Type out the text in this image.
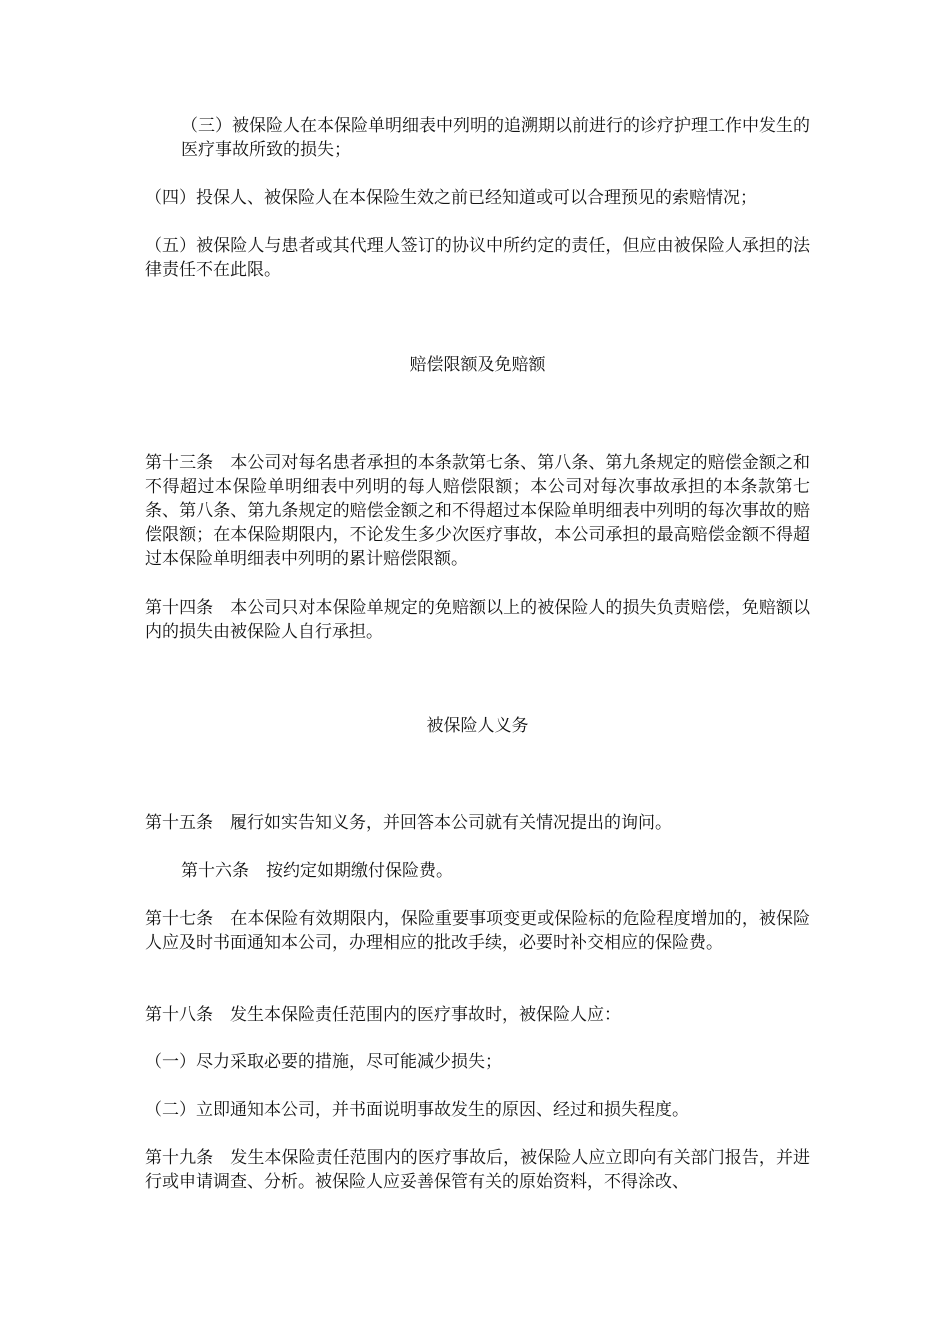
（三）被保险人在本保险单明细表中列明的追溯期以前进行的诊疗护理工作中发生的医疗事故所致的损失；

（四）投保人、被保险人在本保险生效之前已经知道或可以合理预见的索赔情况；

（五）被保险人与患者或其代理人签订的协议中所约定的责任，但应由被保险人承担的法律责任不在此限。

赔偿限额及免赔额

第十三条　本公司对每名患者承担的本条款第七条、第八条、第九条规定的赔偿金额之和不得超过本保险单明细表中列明的每人赔偿限额；本公司对每次事故承担的本条款第七条、第八条、第九条规定的赔偿金额之和不得超过本保险单明细表中列明的每次事故的赔偿限额；在本保险期限内，不论发生多少次医疗事故，本公司承担的最高赔偿金额不得超过本保险单明细表中列明的累计赔偿限额。

第十四条　本公司只对本保险单规定的免赔额以上的被保险人的损失负责赔偿，免赔额以内的损失由被保险人自行承担。

被保险人义务

第十五条　履行如实告知义务，并回答本公司就有关情况提出的询问。

第十六条　按约定如期缴付保险费。

第十七条　在本保险有效期限内，保险重要事项变更或保险标的危险程度增加的，被保险人应及时书面通知本公司，办理相应的批改手续，必要时补交相应的保险费。

第十八条　发生本保险责任范围内的医疗事故时，被保险人应：

（一）尽力采取必要的措施，尽可能减少损失；

（二）立即通知本公司，并书面说明事故发生的原因、经过和损失程度。

第十九条　发生本保险责任范围内的医疗事故后，被保险人应立即向有关部门报告，并进行或申请调查、分析。被保险人应妥善保管有关的原始资料，不得涂改、
